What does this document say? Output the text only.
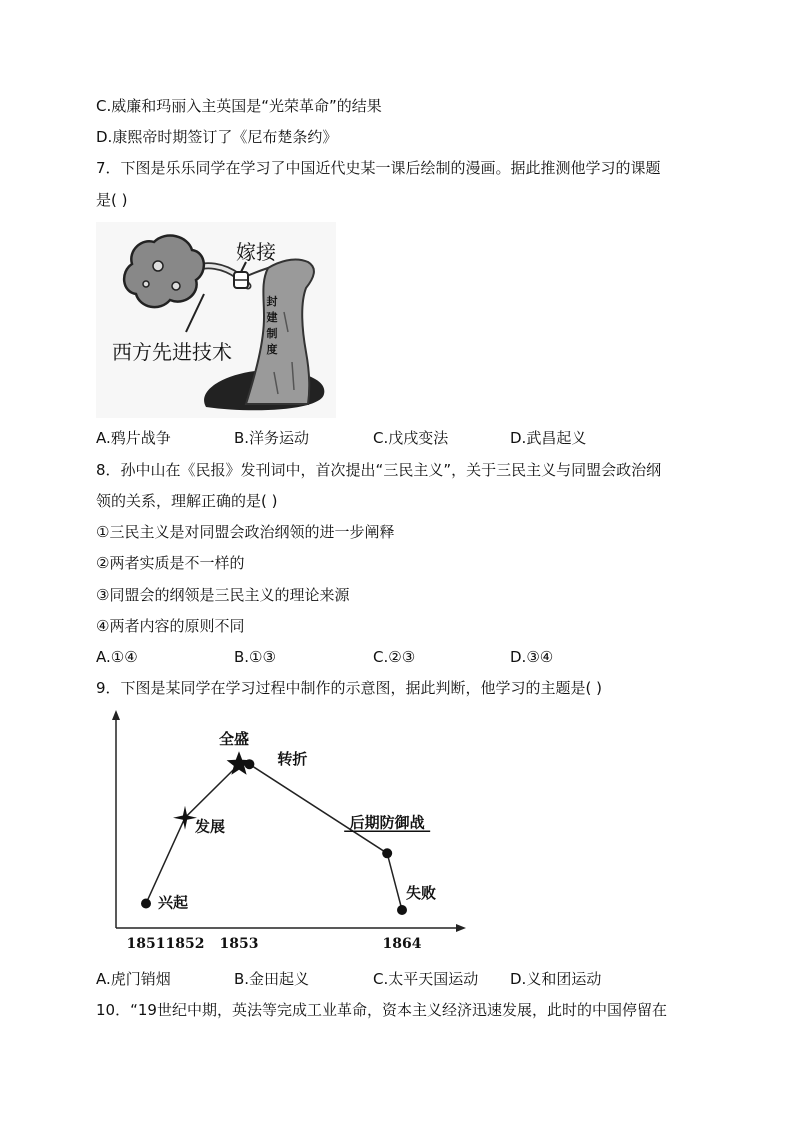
C.威廉和玛丽入主英国是“光荣革命”的结果
D.康熙帝时期签订了《尼布楚条约》
7．下图是乐乐同学在学习了中国近代史某一课后绘制的漫画。据此推测他学习的课题
是( )
嫁接
西方先进技术
封
建
制
度
A.鸦片战争	B.洋务运动	C.戊戌变法	D.武昌起义
8．孙中山在《民报》发刊词中，首次提出“三民主义”，关于三民主义与同盟会政治纲
领的关系，理解正确的是( )
①三民主义是对同盟会政治纲领的进一步阐释
②两者实质是不一样的
③同盟会的纲领是三民主义的理论来源
④两者内容的原则不同
A.①④	B.①③	C.②③	D.③④
9．下图是某同学在学习过程中制作的示意图，据此判断，他学习的主题是( )
兴起
发展
全盛
转折
后期防御战
失败
1851 1852 1853	1864
A.虎门销烟	B.金田起义	C.太平天国运动 D.义和团运动
10．“19世纪中期，英法等完成工业革命，资本主义经济迅速发展，此时的中国停留在
